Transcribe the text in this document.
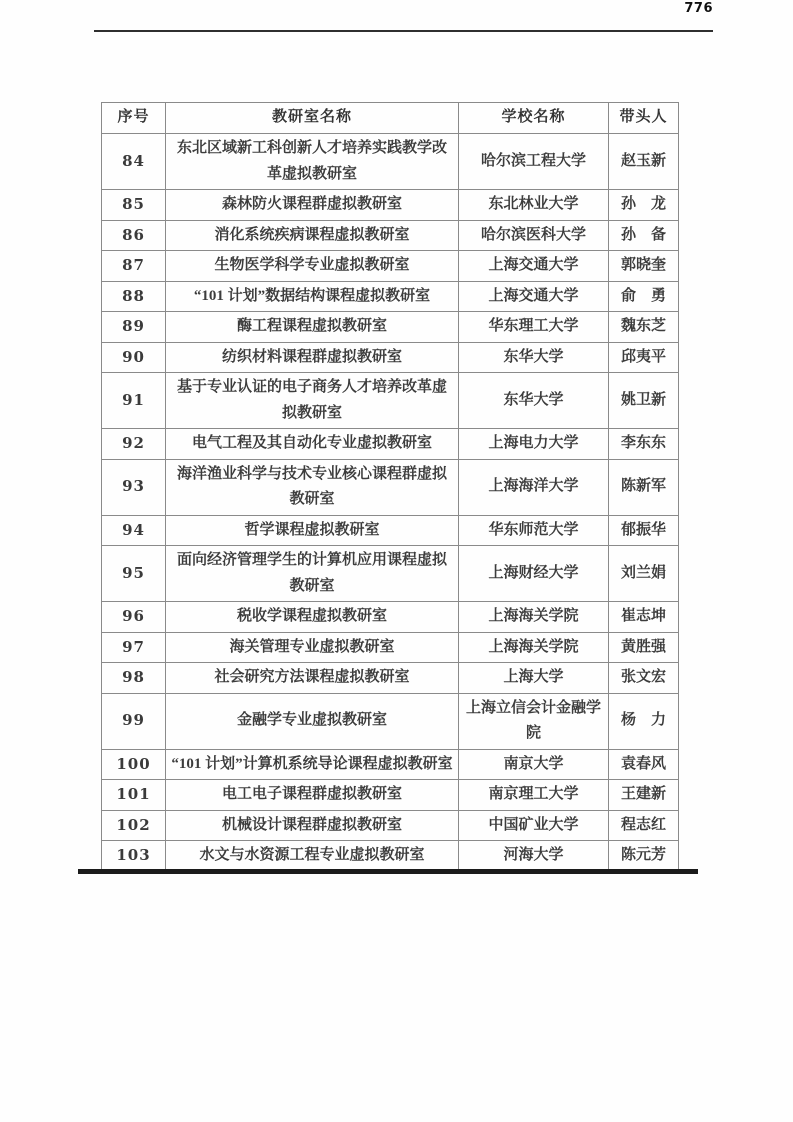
776
序号	教研室名称	学校名称	带头人
84	东北区域新工科创新人才培养实践教学改革虚拟教研室	哈尔滨工程大学	赵玉新
85	森林防火课程群虚拟教研室	东北林业大学	孙　龙
86	消化系统疾病课程虚拟教研室	哈尔滨医科大学	孙　备
87	生物医学科学专业虚拟教研室	上海交通大学	郭晓奎
88	“101 计划”数据结构课程虚拟教研室	上海交通大学	俞　勇
89	酶工程课程虚拟教研室	华东理工大学	魏东芝
90	纺织材料课程群虚拟教研室	东华大学	邱夷平
91	基于专业认证的电子商务人才培养改革虚拟教研室	东华大学	姚卫新
92	电气工程及其自动化专业虚拟教研室	上海电力大学	李东东
93	海洋渔业科学与技术专业核心课程群虚拟教研室	上海海洋大学	陈新军
94	哲学课程虚拟教研室	华东师范大学	郁振华
95	面向经济管理学生的计算机应用课程虚拟教研室	上海财经大学	刘兰娟
96	税收学课程虚拟教研室	上海海关学院	崔志坤
97	海关管理专业虚拟教研室	上海海关学院	黄胜强
98	社会研究方法课程虚拟教研室	上海大学	张文宏
99	金融学专业虚拟教研室	上海立信会计金融学院	杨　力
100	“101 计划”计算机系统导论课程虚拟教研室	南京大学	袁春风
101	电工电子课程群虚拟教研室	南京理工大学	王建新
102	机械设计课程群虚拟教研室	中国矿业大学	程志红
103	水文与水资源工程专业虚拟教研室	河海大学	陈元芳
